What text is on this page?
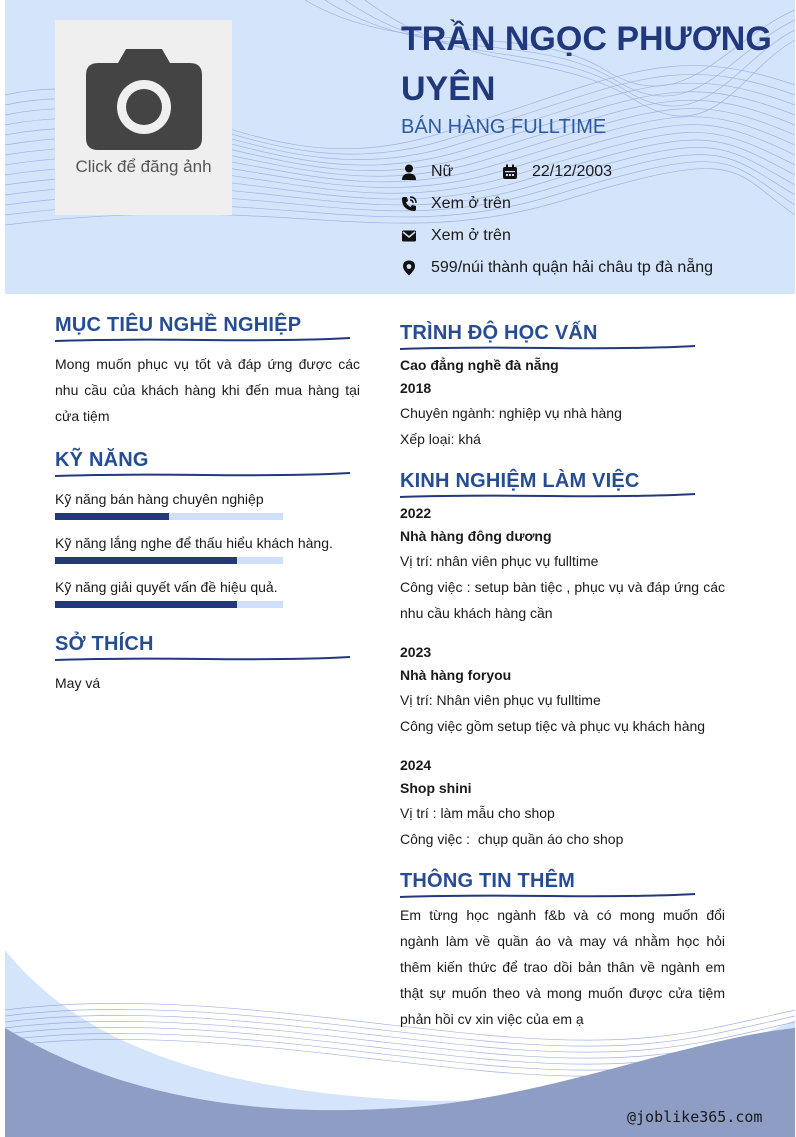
Click để đăng ảnh
TRẦN NGỌC PHƯƠNG UYÊN
BÁN HÀNG FULLTIME
Nữ	22/12/2003
Xem ở trên
Xem ở trên
599/núi thành quận hải châu tp đà nẵng
MỤC TIÊU NGHỀ NGHIỆP

Mong muốn phục vụ tốt và đáp ứng được các nhu cầu của khách hàng khi đến mua hàng tại cửa tiệm

KỸ NĂNG
Kỹ năng bán hàng chuyên nghiệp
Kỹ năng lắng nghe để thấu hiểu khách hàng.
Kỹ năng giải quyết vấn đề hiệu quả.
SỞ THÍCH
May vá
TRÌNH ĐỘ HỌC VẤN
Cao đẳng nghề đà nẵng
2018
Chuyên ngành: nghiệp vụ nhà hàng
Xếp loại: khá
KINH NGHIỆM LÀM VIỆC
2022
Nhà hàng đông dương
Vị trí: nhân viên phục vụ fulltime

Công việc : setup bàn tiệc , phục vụ và đáp ứng các nhu cầu khách hàng cần

2023
Nhà hàng foryou
Vị trí: Nhân viên phục vụ fulltime
Công việc gồm setup tiệc và phục vụ khách hàng
2024
Shop shini
Vị trí : làm mẫu cho shop
Công việc :  chụp quần áo cho shop
THÔNG TIN THÊM

Em từng học ngành f&b và có mong muốn đổi ngành làm về quần áo và may vá nhằm học hỏi thêm kiến thức để trao dồi bản thân về ngành em thật sự muốn theo và mong muốn được cửa tiệm phản hồi cv xin việc của em ạ

@joblike365.com
